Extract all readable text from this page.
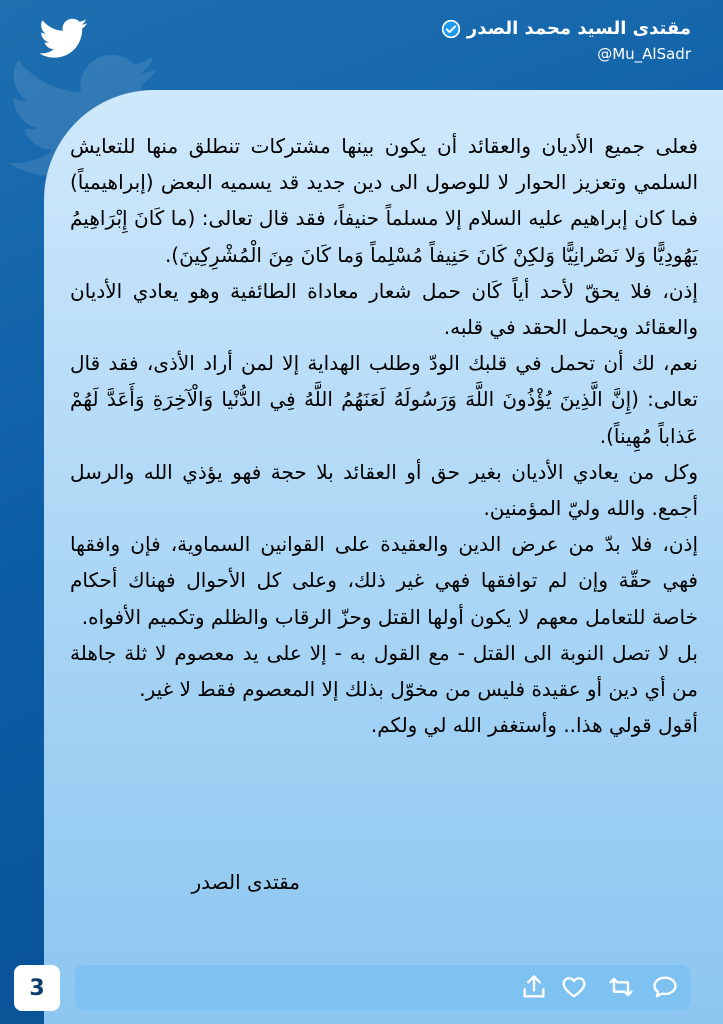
مقتدى السيد محمد الصدر
@Mu_AlSadr

فعلى جميع الأديان والعقائد أن يكون بينها مشتركات تنطلق منها للتعايش السلمي وتعزيز الحوار لا للوصول الى دين جديد قد يسميه البعض (إبراهيمياً) فما كان إبراهيم عليه السلام إلا مسلماً حنيفاً، فقد قال تعالى: (ما كَانَ إِبْرَاهِيمُ يَهُودِيًّا وَلا نَصْرانِيًّا وَلكِنْ كَانَ حَنِيفاً مُسْلِماً وَما كَانَ مِنَ الْمُشْرِكِينَ).

إذن، فلا يحقّ لأحد أياً كَان حمل شعار معاداة الطائفية وهو يعادي الأديان والعقائد ويحمل الحقد في قلبه.

نعم، لك أن تحمل في قلبك الودّ وطلب الهداية إلا لمن أراد الأذى، فقد قال تعالى: (إِنَّ الَّذِينَ يُؤْذُونَ اللَّهَ وَرَسُولَهُ لَعَنَهُمُ اللَّهُ فِي الدُّنْيا وَالْآخِرَةِ وَأَعَدَّ لَهُمْ عَذاباً مُهِيناً).

وكل من يعادي الأديان بغير حق أو العقائد بلا حجة فهو يؤذي الله والرسل أجمع. والله وليّ المؤمنين.

إذن، فلا بدّ من عرض الدين والعقيدة على القوانين السماوية، فإن وافقها فهي حقّة وإن لم توافقها فهي غير ذلك، وعلى كل الأحوال فهناك أحكام خاصة للتعامل معهم لا يكون أولها القتل وحزّ الرقاب والظلم وتكميم الأفواه.

بل لا تصل النوبة الى القتل - مع القول به - إلا على يد معصوم لا ثلة جاهلة من أي دين أو عقيدة فليس من مخوّل بذلك إلا المعصوم فقط لا غير.

أقول قولي هذا.. وأستغفر الله لي ولكم.

مقتدى الصدر
3
